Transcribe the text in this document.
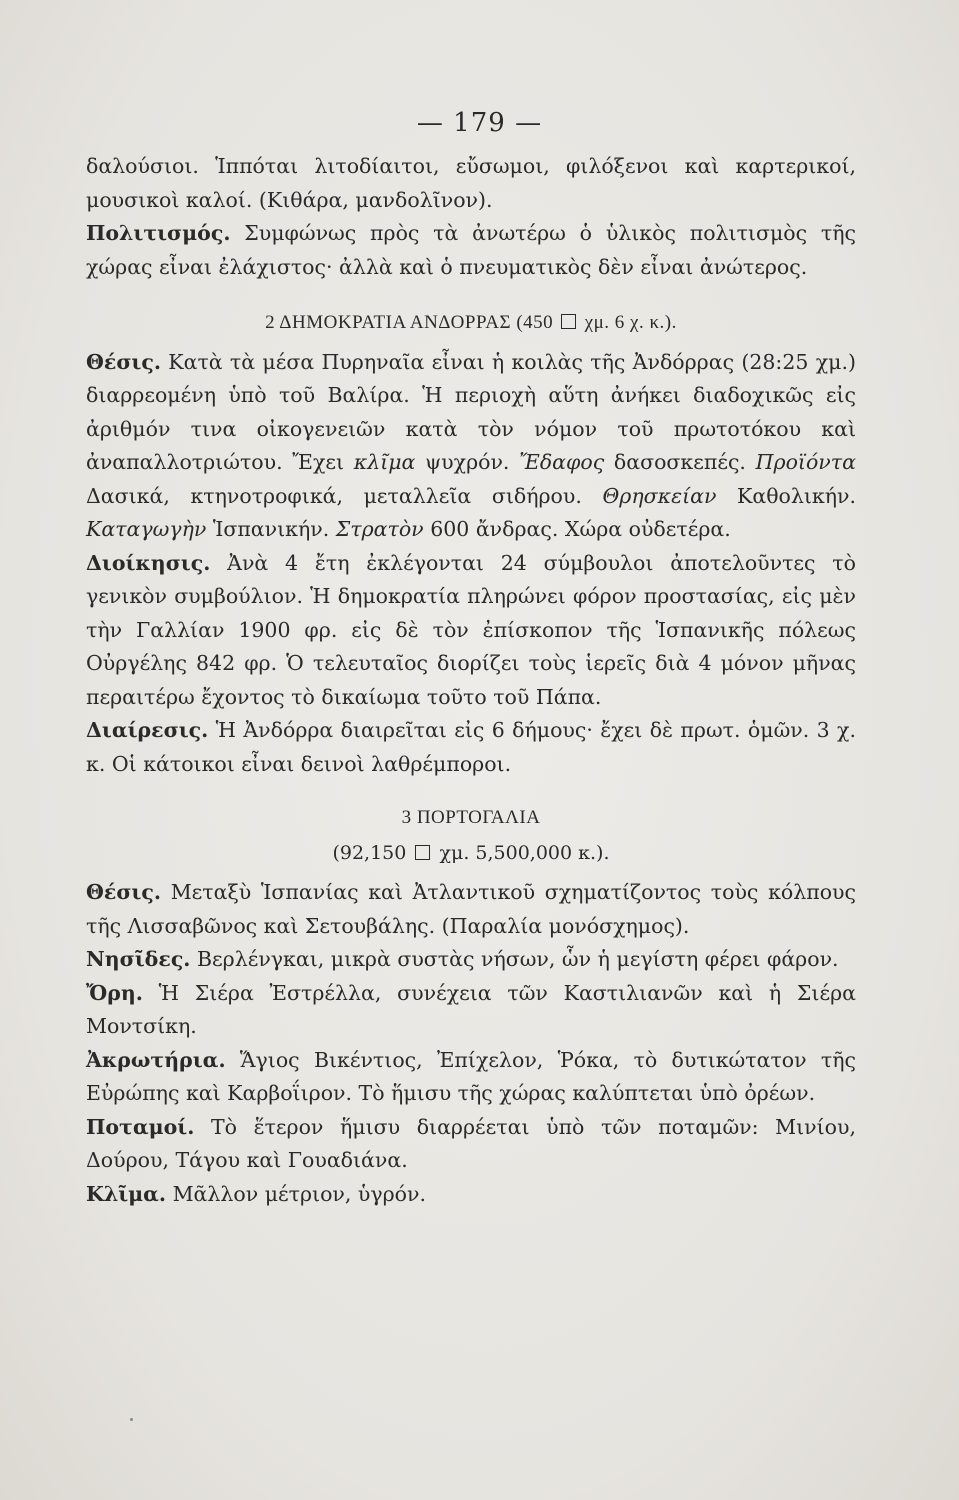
— 179 —

δαλούσιοι. Ἱππόται λιτοδίαιτοι, εὔσωμοι, φιλόξενοι καὶ καρτερικοί, μουσικοὶ καλοί. (Κιθάρα, μανδολῖνον).

Πολιτισμός. Συμφώνως πρὸς τὰ ἀνωτέρω ὁ ὑλικὸς πολιτισμὸς τῆς χώρας εἶναι ἐλάχιστος· ἀλλὰ καὶ ὁ πνευματικὸς δὲν εἶναι ἀνώτερος.

2 ΔΗΜΟΚΡΑΤΙΑ ΑΝΔΟΡΡΑΣ (450 χμ. 6 χ. κ.).

Θέσις. Κατὰ τὰ μέσα Πυρηναῖα εἶναι ἡ κοιλὰς τῆς Ἀνδόρρας (28:25 χμ.) διαρρεομένη ὑπὸ τοῦ Βαλίρα. Ἡ περιοχὴ αὕτη ἀνήκει διαδοχικῶς εἰς ἀριθμόν τινα οἰκογενειῶν κατὰ τὸν νόμον τοῦ πρωτοτόκου καὶ ἀναπαλλοτριώτου. Ἔχει κλῖμα ψυχρόν. Ἔδαφος δασοσκεπές. Προϊόντα Δασικά, κτηνοτροφικά, μεταλλεῖα σιδήρου. Θρησκείαν Καθολικήν. Καταγωγὴν Ἱσπανικήν. Στρατὸν 600 ἄνδρας. Χώρα οὐδετέρα.

Διοίκησις. Ἀνὰ 4 ἔτη ἐκλέγονται 24 σύμβουλοι ἀποτελοῦντες τὸ γενικὸν συμβούλιον. Ἡ δημοκρατία πληρώνει φόρον προστασίας, εἰς μὲν τὴν Γαλλίαν 1900 φρ. εἰς δὲ τὸν ἐπίσκοπον τῆς Ἱσπανικῆς πόλεως Οὐργέλης 842 φρ. Ὁ τελευταῖος διορίζει τοὺς ἱερεῖς διὰ 4 μόνον μῆνας περαιτέρω ἔχοντος τὸ δικαίωμα τοῦτο τοῦ Πάπα.

Διαίρεσις. Ἡ Ἀνδόρρα διαιρεῖται εἰς 6 δήμους· ἔχει δὲ πρωτ. ὁμῶν. 3 χ. κ. Οἱ κάτοικοι εἶναι δεινοὶ λαθρέμποροι.

3 ΠΟΡΤΟΓΑΛΙΑ
(92,150 χμ. 5,500,000 κ.).

Θέσις. Μεταξὺ Ἱσπανίας καὶ Ἀτλαντικοῦ σχηματίζοντος τοὺς κόλπους τῆς Λισσαβῶνος καὶ Σετουβάλης. (Παραλία μονόσχημος).

Νησῖδες. Βερλένγκαι, μικρὰ συστὰς νήσων, ὧν ἡ μεγίστη φέρει φάρον.

Ὄρη. Ἡ Σιέρα Ἐστρέλλα, συνέχεια τῶν Καστιλιανῶν καὶ ἡ Σιέρα Μοντσίκη.

Ἀκρωτήρια. Ἅγιος Βικέντιος, Ἐπίχελον, Ῥόκα, τὸ δυτικώτατον τῆς Εὐρώπης καὶ Καρβοΐιρον. Τὸ ἥμισυ τῆς χώρας καλύπτεται ὑπὸ ὀρέων.

Ποταμοί. Τὸ ἕτερον ἥμισυ διαρρέεται ὑπὸ τῶν ποταμῶν: Μινίου, Δούρου, Τάγου καὶ Γουαδιάνα.

Κλῖμα. Μᾶλλον μέτριον, ὑγρόν.
